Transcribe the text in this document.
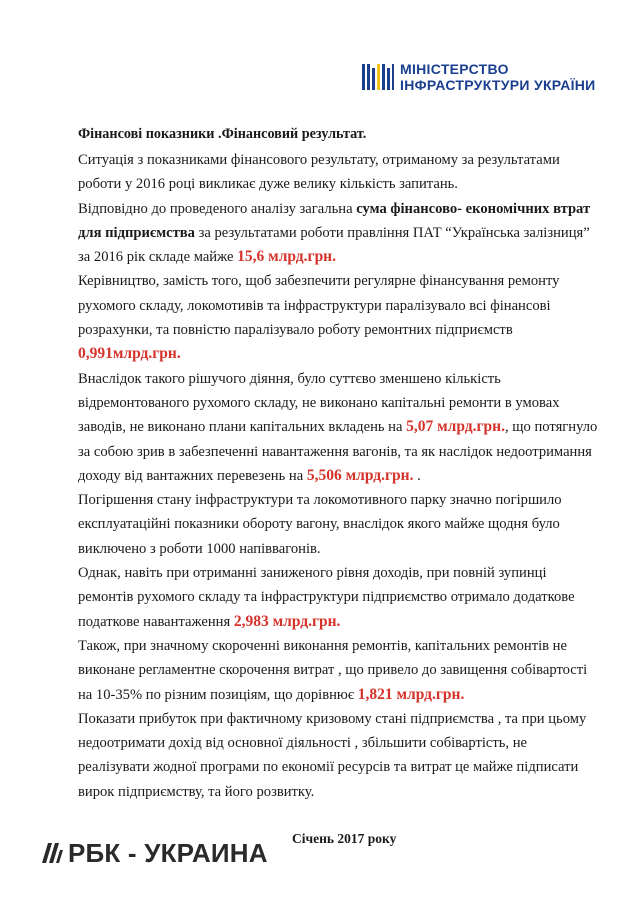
МІНІСТЕРСТВО
ІНФРАСТРУКТУРИ УКРАЇНИ

Фінансові показники .Фінансовий результат.

Ситуація з показниками фінансового результату, отриманому за результатами роботи у 2016 році викликає дуже велику кількість запитань.

Відповідно до проведеного аналізу загальна сума фінансово- економічних втрат для підприємства за результатами роботи правління ПАТ “Українська залізниця” за 2016 рік складе майже 15,6 млрд.грн.

Керівництво, замість того, щоб забезпечити регулярне фінансування ремонту рухомого складу, локомотивів та інфраструктури паралізувало всі фінансові розрахунки, та повністю паралізувало роботу ремонтних підприємств 0,991млрд.грн.

Внаслідок такого рішучого діяння, було суттєво зменшено кількість відремонтованого рухомого складу, не виконано капітальні ремонти в умовах заводів, не виконано плани капітальних вкладень на 5,07 млрд.грн., що потягнуло за собою зрив в забезпеченні навантаження вагонів, та як наслідок недоотримання доходу від вантажних перевезень на 5,506 млрд.грн. .

Погіршення стану інфраструктури та локомотивного парку значно погіршило експлуатаційні показники обороту вагону, внаслідок якого майже щодня було виключено з роботи 1000 напіввагонів.

Однак, навіть при отриманні заниженого рівня доходів, при повній зупинці ремонтів рухомого складу та інфраструктури підприємство отримало додаткове податкове навантаження 2,983 млрд.грн.

Також, при значному скороченні виконання ремонтів, капітальних ремонтів не виконане регламентне скорочення витрат , що привело до завищення собівартості на 10-35% по різним позиціям, що дорівнює 1,821 млрд.грн.

Показати прибуток при фактичному кризовому стані підприємства , та при цьому недоотримати дохід від основної діяльності , збільшити собівартість, не реалізувати жодної програми по економії ресурсів та витрат це майже підписати вирок підприємству, та його розвитку.

Січень 2017 року
РБК - УКРАИНА
